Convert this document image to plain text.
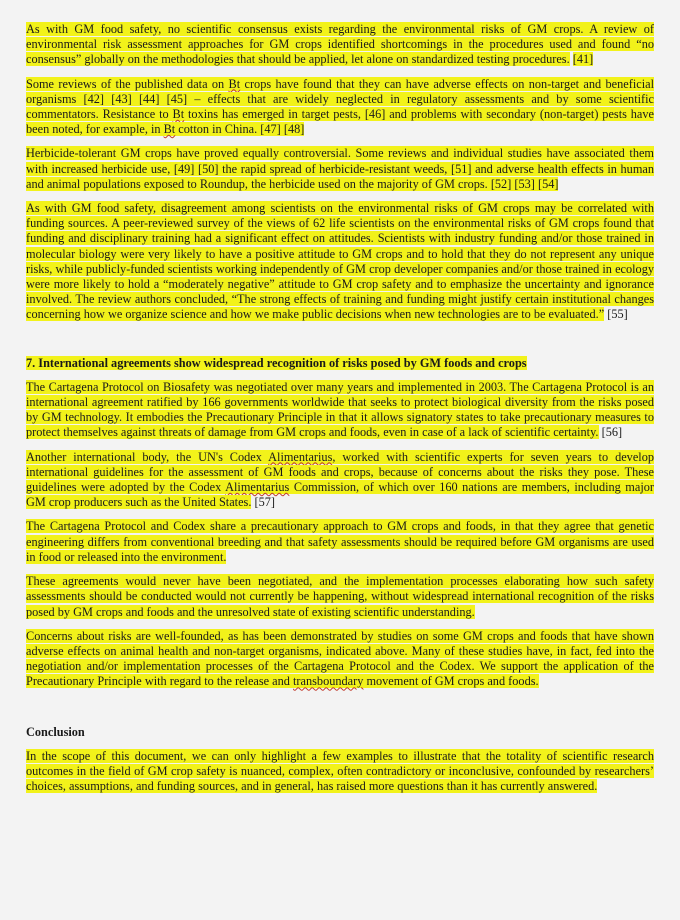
As with GM food safety, no scientific consensus exists regarding the environmental risks of GM crops. A review of environmental risk assessment approaches for GM crops identified shortcomings in the procedures used and found “no consensus” globally on the methodologies that should be applied, let alone on standardized testing procedures. [41]

Some reviews of the published data on Bt crops have found that they can have adverse effects on non-target and beneficial organisms [42] [43] [44] [45] – effects that are widely neglected in regulatory assessments and by some scientific commentators. Resistance to Bt toxins has emerged in target pests, [46] and problems with secondary (non-target) pests have been noted, for example, in Bt cotton in China. [47] [48]

Herbicide-tolerant GM crops have proved equally controversial. Some reviews and individual studies have associated them with increased herbicide use, [49] [50] the rapid spread of herbicide-resistant weeds, [51] and adverse health effects in human and animal populations exposed to Roundup, the herbicide used on the majority of GM crops. [52] [53] [54]

As with GM food safety, disagreement among scientists on the environmental risks of GM crops may be correlated with funding sources. A peer-reviewed survey of the views of 62 life scientists on the environmental risks of GM crops found that funding and disciplinary training had a significant effect on attitudes. Scientists with industry funding and/or those trained in molecular biology were very likely to have a positive attitude to GM crops and to hold that they do not represent any unique risks, while publicly-funded scientists working independently of GM crop developer companies and/or those trained in ecology were more likely to hold a “moderately negative” attitude to GM crop safety and to emphasize the uncertainty and ignorance involved. The review authors concluded, “The strong effects of training and funding might justify certain institutional changes concerning how we organize science and how we make public decisions when new technologies are to be evaluated.” [55]

7. International agreements show widespread recognition of risks posed by GM foods and crops

The Cartagena Protocol on Biosafety was negotiated over many years and implemented in 2003. The Cartagena Protocol is an international agreement ratified by 166 governments worldwide that seeks to protect biological diversity from the risks posed by GM technology. It embodies the Precautionary Principle in that it allows signatory states to take precautionary measures to protect themselves against threats of damage from GM crops and foods, even in case of a lack of scientific certainty. [56]

Another international body, the UN's Codex Alimentarius, worked with scientific experts for seven years to develop international guidelines for the assessment of GM foods and crops, because of concerns about the risks they pose. These guidelines were adopted by the Codex Alimentarius Commission, of which over 160 nations are members, including major GM crop producers such as the United States. [57]

The Cartagena Protocol and Codex share a precautionary approach to GM crops and foods, in that they agree that genetic engineering differs from conventional breeding and that safety assessments should be required before GM organisms are used in food or released into the environment.

These agreements would never have been negotiated, and the implementation processes elaborating how such safety assessments should be conducted would not currently be happening, without widespread international recognition of the risks posed by GM crops and foods and the unresolved state of existing scientific understanding.

Concerns about risks are well-founded, as has been demonstrated by studies on some GM crops and foods that have shown adverse effects on animal health and non-target organisms, indicated above. Many of these studies have, in fact, fed into the negotiation and/or implementation processes of the Cartagena Protocol and the Codex. We support the application of the Precautionary Principle with regard to the release and transboundary movement of GM crops and foods.

Conclusion

In the scope of this document, we can only highlight a few examples to illustrate that the totality of scientific research outcomes in the field of GM crop safety is nuanced, complex, often contradictory or inconclusive, confounded by researchers’ choices, assumptions, and funding sources, and in general, has raised more questions than it has currently answered.
